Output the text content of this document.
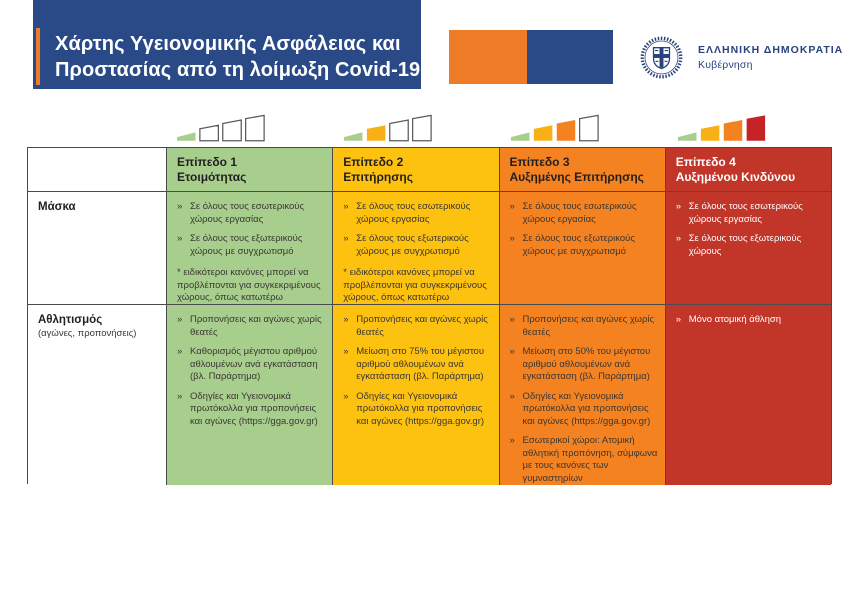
Χάρτης Υγειονομικής Ασφάλειας και
Προστασίας από τη λοίμωξη Covid-19
ΕΛΛΗΝΙΚΗ ΔΗΜΟΚΡΑΤΙΑ
Κυβέρνηση
Επίπεδο 1
Ετοιμότητας
Επίπεδο 2
Επιτήρησης
Επίπεδο 3
Αυξημένης Επιτήρησης
Επίπεδο 4
Αυξημένου Κινδύνου
Μάσκα	» Σε όλους τους εσωτερικούς χώρους εργασίας
» Σε όλους τους εξωτερικούς χώρους με συγχρωτισμό
* ειδικότεροι κανόνες μπορεί να προβλέπονται για συγκεκριμένους χώρους, όπως κατωτέρω
» Σε όλους τους εσωτερικούς χώρους εργασίας
» Σε όλους τους εξωτερικούς χώρους με συγχρωτισμό
* ειδικότεροι κανόνες μπορεί να προβλέπονται για συγκεκριμένους χώρους, όπως κατωτέρω
» Σε όλους τους εσωτερικούς χώρους εργασίας
» Σε όλους τους εξωτερικούς χώρους με συγχρωτισμό
» Σε όλους τους εσωτερικούς χώρους εργασίας
» Σε όλους τους εξωτερικούς χώρους
Αθλητισμός
(αγώνες, προπονήσεις)
» Προπονήσεις και αγώνες χωρίς θεατές
» Καθορισμός μέγιστου αριθμού αθλουμένων ανά εγκατάσταση (βλ. Παράρτημα)
» Οδηγίες και Υγειονομικά πρωτόκολλα για προπονήσεις και αγώνες (https://gga.gov.gr)
» Προπονήσεις και αγώνες χωρίς θεατές
» Μείωση στο 75% του μέγιστου αριθμού αθλουμένων ανά εγκατάσταση (βλ. Παράρτημα)
» Οδηγίες και Υγειονομικά πρωτόκολλα για προπονήσεις και αγώνες (https://gga.gov.gr)
» Προπονήσεις και αγώνες χωρίς θεατές
» Μείωση στο 50% του μέγιστου αριθμού αθλουμένων ανά εγκατάσταση (βλ. Παράρτημα)
» Οδηγίες και Υγειονομικά πρωτόκολλα για προπονήσεις και αγώνες (https://gga.gov.gr)
» Εσωτερικοί χώροι: Ατομική αθλητική προπόνηση, σύμφωνα με τους κανόνες των γυμναστηρίων
» Μόνο ατομική άθληση
